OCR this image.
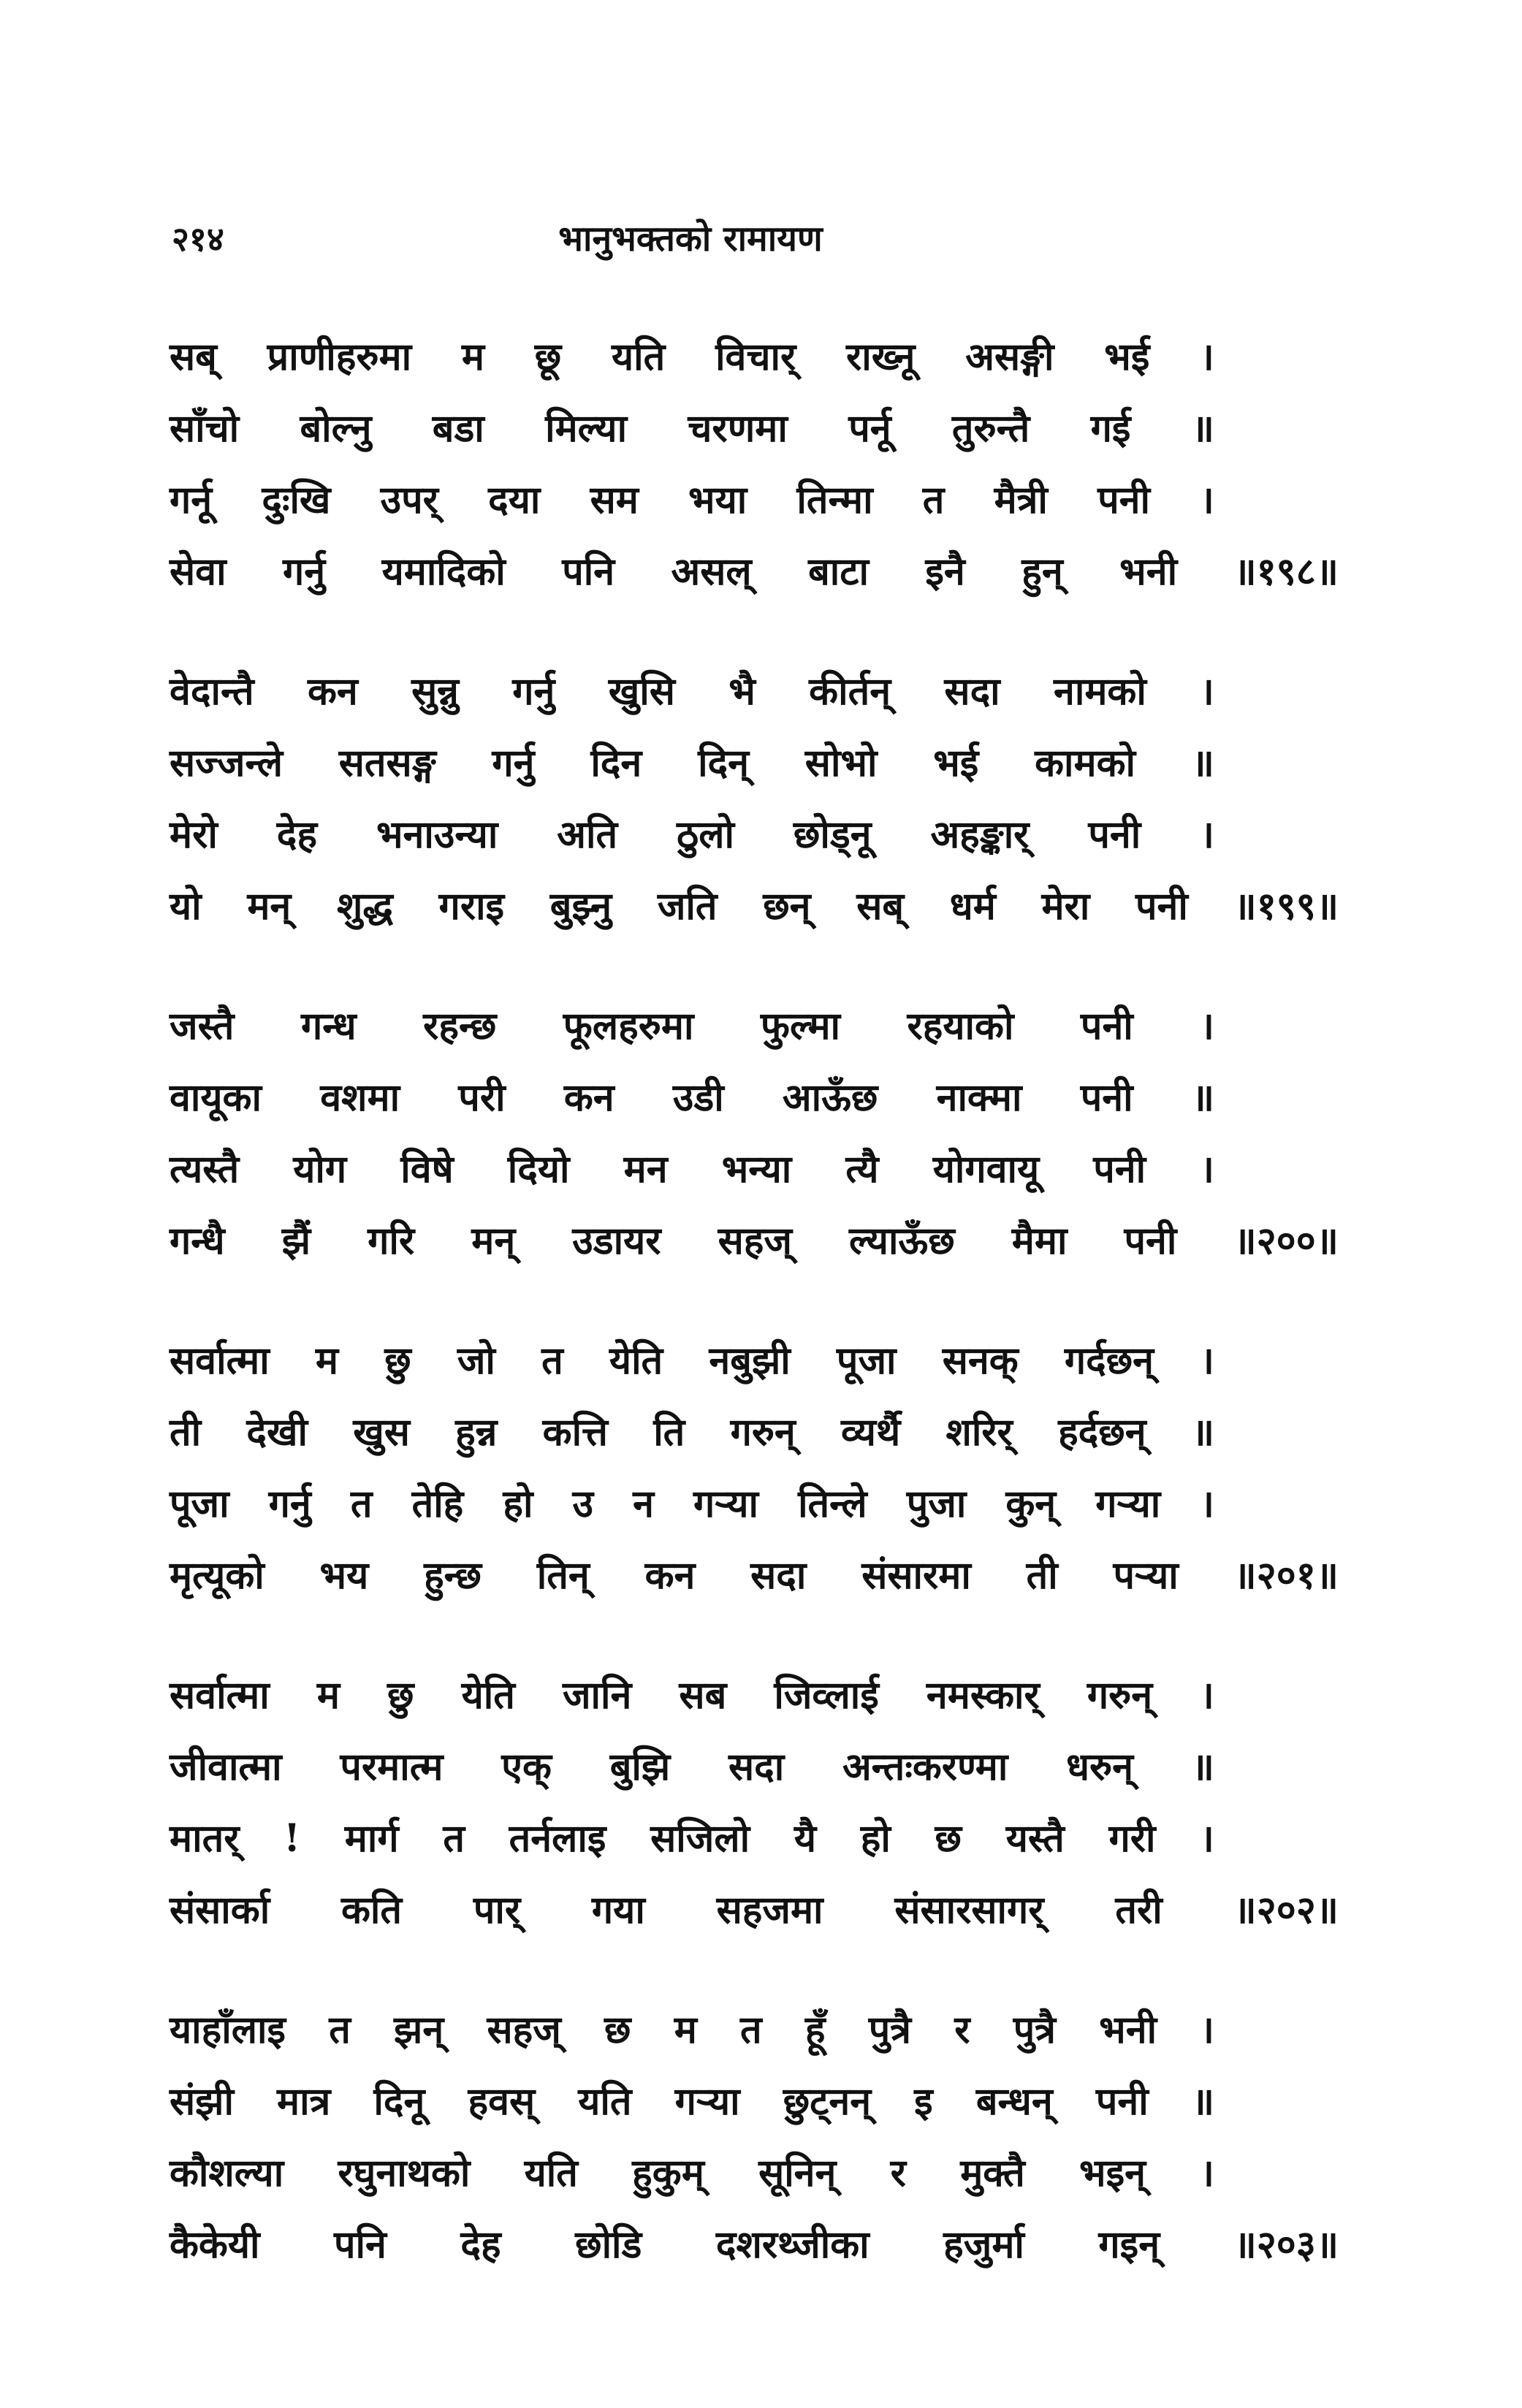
२१४	भानुभक्तको रामायण
सब् प्राणीहरुमा म छू यति विचार् राख्नू असङ्गी भई ।
साँचो बोल्नु बडा मिल्या चरणमा पर्नू तुरुन्तै गई ॥
गर्नू दुःखि उपर् दया सम भया तिन्मा त मैत्री पनी ।
सेवा गर्नु यमादिको पनि असल् बाटा इनै हुन् भनी ॥१९८॥
वेदान्तै कन सुन्नु गर्नु खुसि भै कीर्तन् सदा नामको ।
सज्जन्ले सतसङ्ग गर्नु दिन दिन् सोभो भई कामको ॥
मेरो देह भनाउन्या अति ठुलो छोड्नू अहङ्कार् पनी ।
यो मन् शुद्ध गराइ बुझ्नु जति छन् सब् धर्म मेरा पनी ॥१९९॥
जस्तै गन्ध रहन्छ फूलहरुमा फुल्मा रहयाको पनी ।
वायूका वशमा परी कन उडी आऊँछ नाक्मा पनी ॥
त्यस्तै योग विषे दियो मन भन्या त्यै योगवायू पनी ।
गन्धै झैं गरि मन् उडायर सहज् ल्याऊँछ मैमा पनी ॥२००॥
सर्वात्मा म छु जो त येति नबुझी पूजा सनक् गर्दछन् ।
ती देखी खुस हुन्न कत्ति ति गरुन् व्यर्थै शरिर् हर्दछन् ॥
पूजा गर्नु त तेहि हो उ न गर्‍या तिन्ले पुजा कुन् गर्‍या ।
मृत्यूको भय हुन्छ तिन् कन सदा संसारमा ती पर्‍या ॥२०१॥
सर्वात्मा म छु येति जानि सब जिव्लाई नमस्कार् गरुन् ।
जीवात्मा परमात्म एक् बुझि सदा अन्तःकरण्मा धरुन् ॥
मातर् ! मार्ग त तर्नलाइ सजिलो यै हो छ यस्तै गरी ।
संसार्का कति पार् गया सहजमा संसारसागर् तरी ॥२०२॥
याहाँलाइ त झन् सहज् छ म त हूँ पुत्रै र पुत्रै भनी ।
संझी मात्र दिनू हवस् यति गर्‍या छुट्नन् इ बन्धन् पनी ॥
कौशल्या रघुनाथको यति हुकुम् सूनिन् र मुक्तै भइन् ।
कैकेयी पनि देह छोडि दशरथ्जीका हजुर्मा गइन् ॥२०३॥
